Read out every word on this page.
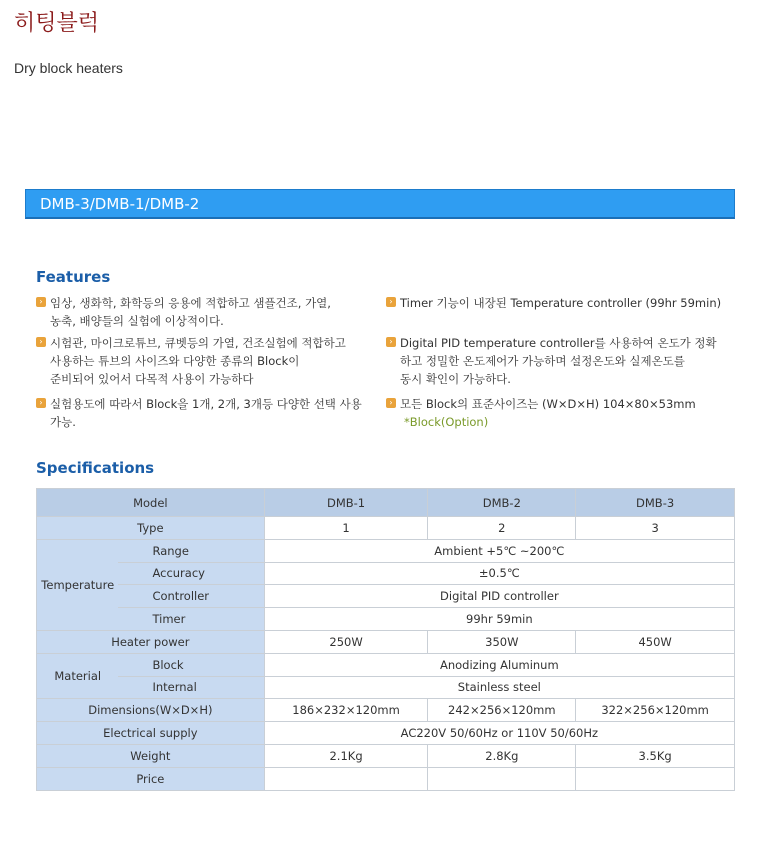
히팅블럭
Dry block heaters
DMB-3/DMB-1/DMB-2
Features
› 임상, 생화학, 화학등의 응용에 적합하고 샘플건조, 가열,
농축, 배양들의 실험에 이상적이다.
› Timer 기능이 내장된 Temperature controller (99hr 59min)
› 시험관, 마이크로튜브, 큐벳등의 가열, 건조실험에 적합하고
사용하는 튜브의 사이즈와 다양한 종류의 Block이
준비되어 있어서 다목적 사용이 가능하다
› Digital PID temperature controller를 사용하여 온도가 정확
하고 정밀한 온도제어가 가능하며 설정온도와 실제온도를
동시 확인이 가능하다.
› 실험용도에 따라서 Block을 1개, 2개, 3개등 다양한 선택 사용
가능.
› 모든 Block의 표준사이즈는 (W×D×H) 104×80×53mm
*Block(Option)
Specifications
Model		DMB-1	DMB-2	DMB-3
Type		1	2	3
Temperature	Range	Ambient +5℃ ~200℃		
	Accuracy	±0.5℃		
	Controller	Digital PID controller		
	Timer	99hr 59min		
Heater power		250W	350W	450W
Material	Block	Anodizing Aluminum		
	Internal	Stainless steel		
Dimensions(W×D×H)		186×232×120mm	242×256×120mm	322×256×120mm
Electrical supply		AC220V 50/60Hz or 110V 50/60Hz		
Weight		2.1Kg	2.8Kg	3.5Kg
Price				
